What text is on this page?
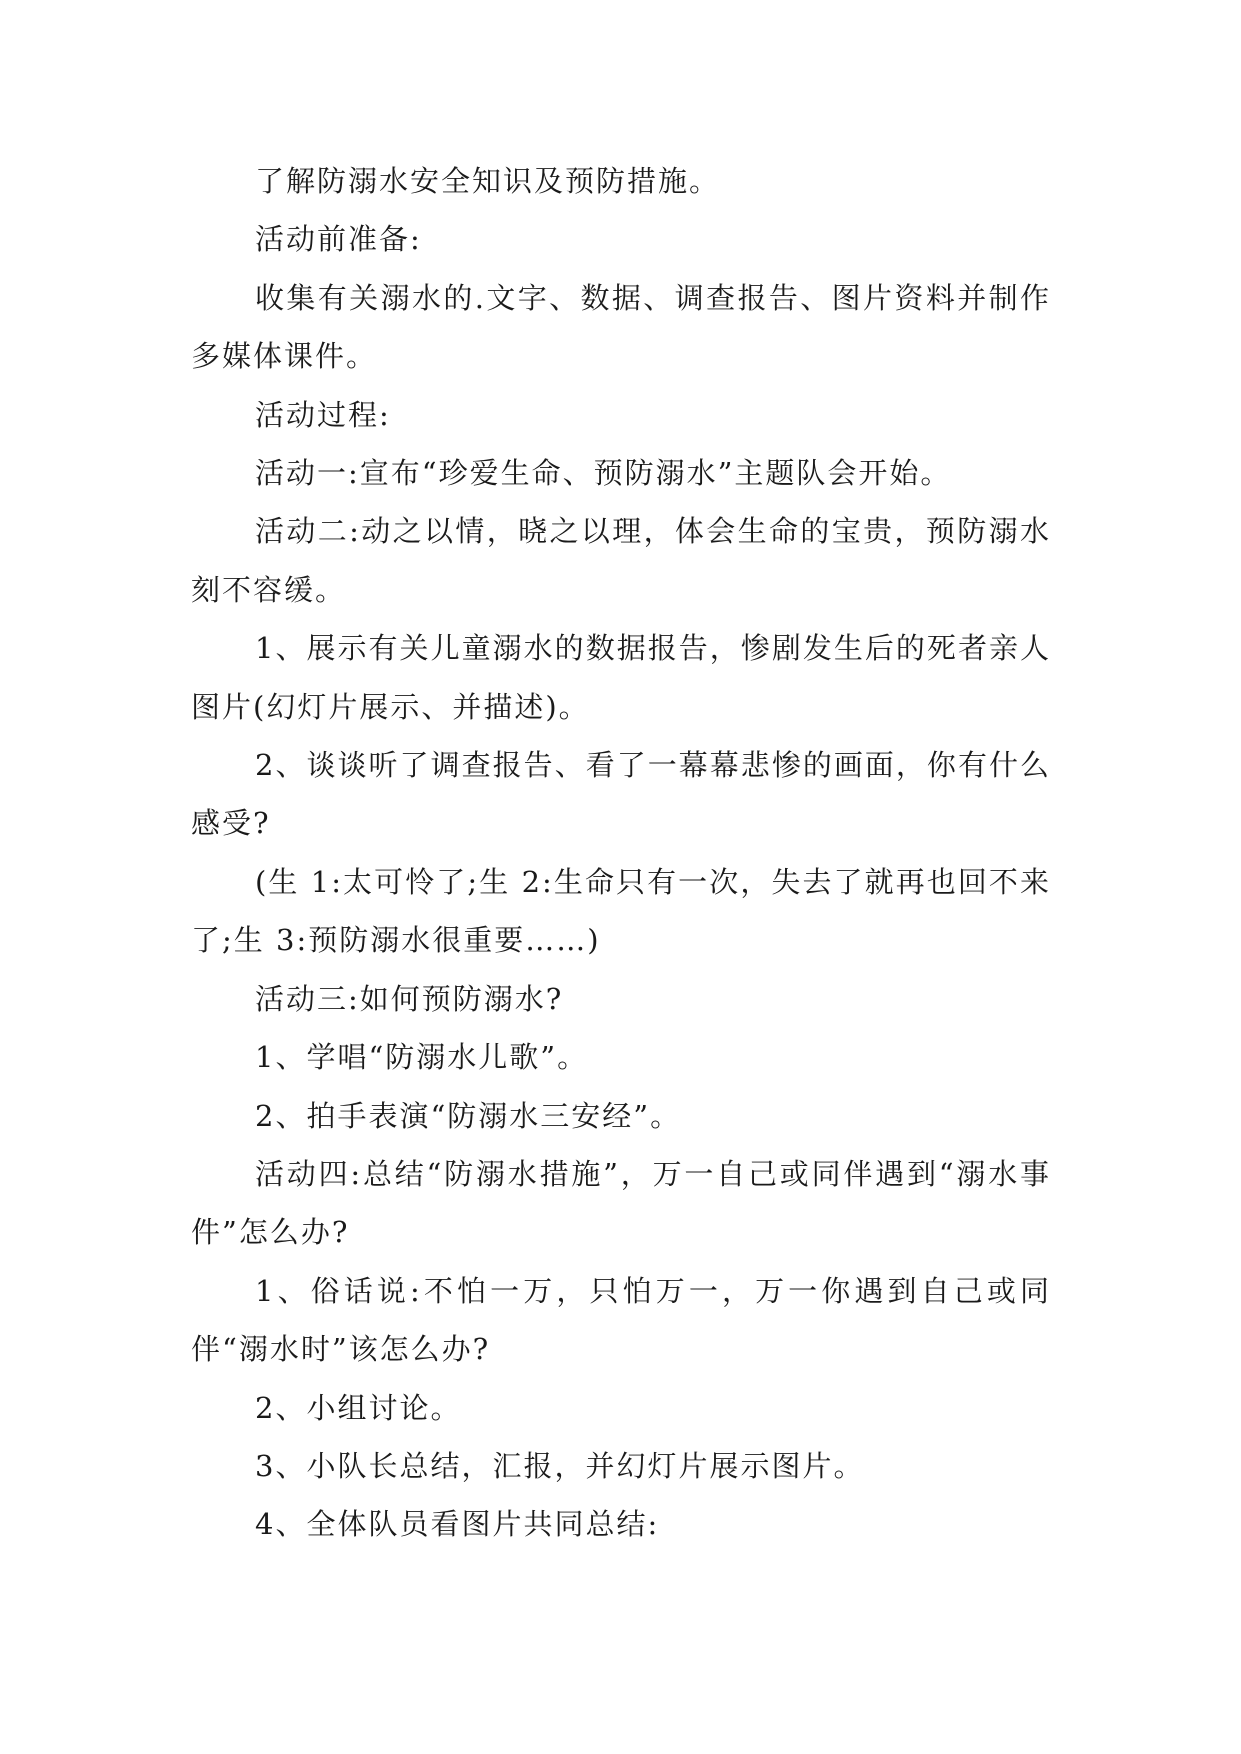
了解防溺水安全知识及预防措施。

活动前准备:

收集有关溺水的.文字、数据、调查报告、图片资料并制作多媒体课件。

活动过程:

活动一:宣布“珍爱生命、预防溺水”主题队会开始。

活动二:动之以情，晓之以理，体会生命的宝贵，预防溺水刻不容缓。

1、展示有关儿童溺水的数据报告，惨剧发生后的死者亲人图片(幻灯片展示、并描述)。

2、谈谈听了调查报告、看了一幕幕悲惨的画面，你有什么感受?

(生 1:太可怜了;生 2:生命只有一次，失去了就再也回不来了;生 3:预防溺水很重要……)

活动三:如何预防溺水?

1、学唱“防溺水儿歌”。

2、拍手表演“防溺水三安经”。

活动四:总结“防溺水措施”，万一自己或同伴遇到“溺水事件”怎么办?

1、俗话说:不怕一万，只怕万一，万一你遇到自己或同伴“溺水时”该怎么办?

2、小组讨论。

3、小队长总结，汇报，并幻灯片展示图片。

4、全体队员看图片共同总结:
